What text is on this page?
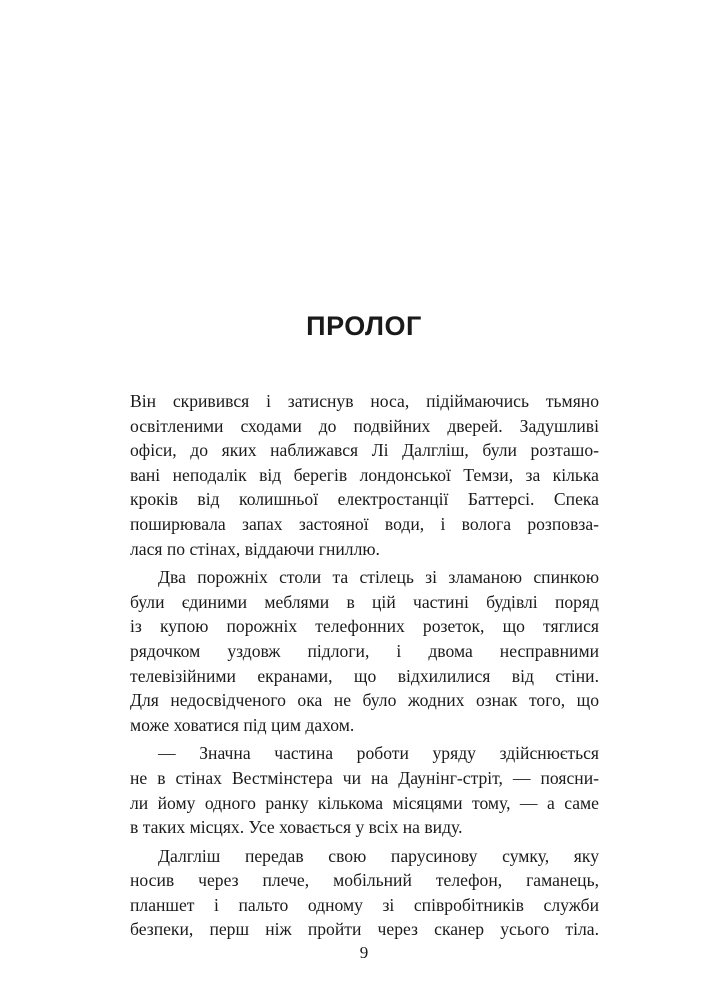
ПРОЛОГ
Він скривився і затиснув носа, підіймаючись тьмяно
освітленими сходами до подвійних дверей. Задушливі
офіси, до яких наближався Лі Далгліш, були розташо-
вані неподалік від берегів лондонської Темзи, за кілька
кроків від колишньої електростанції Баттерсі. Спека
поширювала запах застояної води, і волога розповза-
лася по стінах, віддаючи гниллю.
Два порожніх столи та стілець зі зламаною спинкою
були єдиними меблями в цій частині будівлі поряд
із купою порожніх телефонних розеток, що тяглися
рядочком уздовж підлоги, і двома несправними
телевізійними екранами, що відхилилися від стіни.
Для недосвідченого ока не було жодних ознак того, що
може ховатися під цим дахом.
— Значна частина роботи уряду здійснюється
не в стінах Вестмінстера чи на Даунінг-стріт, — поясни-
ли йому одного ранку кількома місяцями тому, — а саме
в таких місцях. Усе ховається у всіх на виду.
Далгліш передав свою парусинову сумку, яку
носив через плече, мобільний телефон, гаманець,
планшет і пальто одному зі співробітників служби
безпеки, перш ніж пройти через сканер усього тіла.
9
